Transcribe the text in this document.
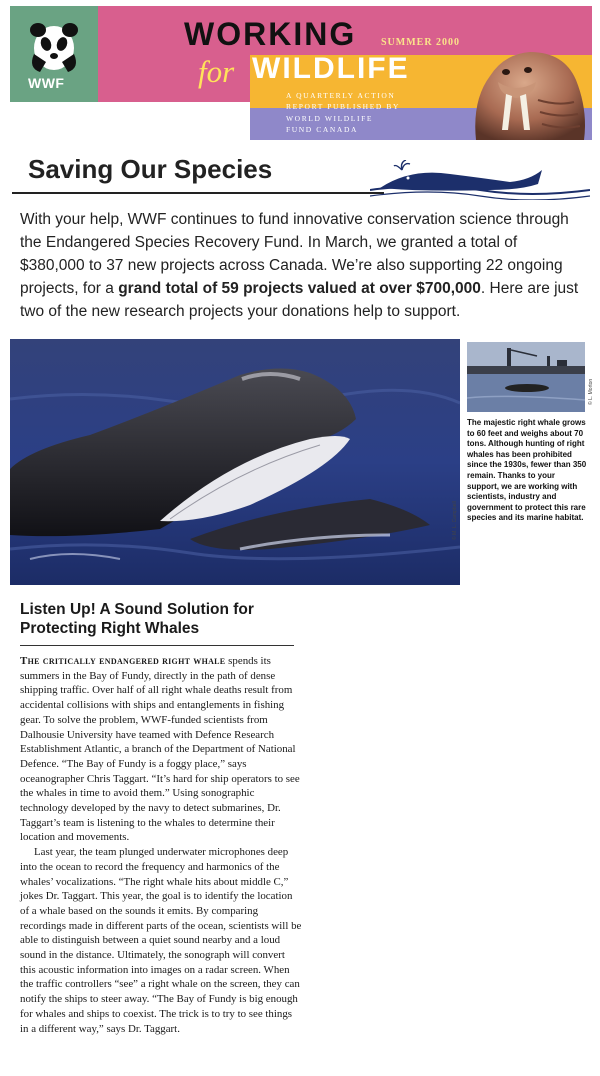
WWF
WORKING SUMMER 2000
for WILDLIFE
A QUARTERLY ACTION
REPORT PUBLISHED BY
WORLD WILDLIFE
FUND CANADA
Saving Our Species

With your help, WWF continues to fund innovative conservation science through the Endangered Species Recovery Fund. In March, we granted a total of $380,000 to 37 new projects across Canada. We’re also supporting 22 ongoing projects, for a grand total of 59 projects valued at over $700,000. Here are just two of the new research projects your donations help to support.

© M. L. Campbell
© L. Morton

The majestic right whale grows to 60 feet and weighs about 70 tons. Although hunting of right whales has been prohibited since the 1930s, fewer than 350 remain. Thanks to your support, we are working with scientists, industry and government to protect this rare species and its marine habitat.

Listen Up! A Sound Solution for Protecting Right Whales

The critically endangered right whale spends its summers in the Bay of Fundy, directly in the path of dense shipping traffic. Over half of all right whale deaths result from accidental collisions with ships and entanglements in fishing gear. To solve the problem, WWF-funded scientists from Dalhousie University have teamed with Defence Research Establishment Atlantic, a branch of the Department of National Defence. “The Bay of Fundy is a foggy place,” says oceanographer Chris Taggart. “It’s hard for ship operators to see the whales in time to avoid them.” Using sonographic technology developed by the navy to detect submarines, Dr. Taggart’s team is listening to the whales to determine their location and movements.

Last year, the team plunged underwater microphones deep into the ocean to record the frequency and harmonics of the whales’ vocalizations. “The right whale hits about middle C,” jokes Dr. Taggart. This year, the goal is to identify the location of a whale based on the sounds it emits. By comparing recordings made in different parts of the ocean, scientists will be able to distinguish between a quiet sound nearby and a loud sound in the distance. Ultimately, the sonograph will convert this acoustic information into images on a radar screen. When the traffic controllers “see” a right whale on the screen, they can notify the ships to steer away. “The Bay of Fundy is big enough for whales and ships to coexist. The trick is to try to see things in a different way,” says Dr. Taggart.
